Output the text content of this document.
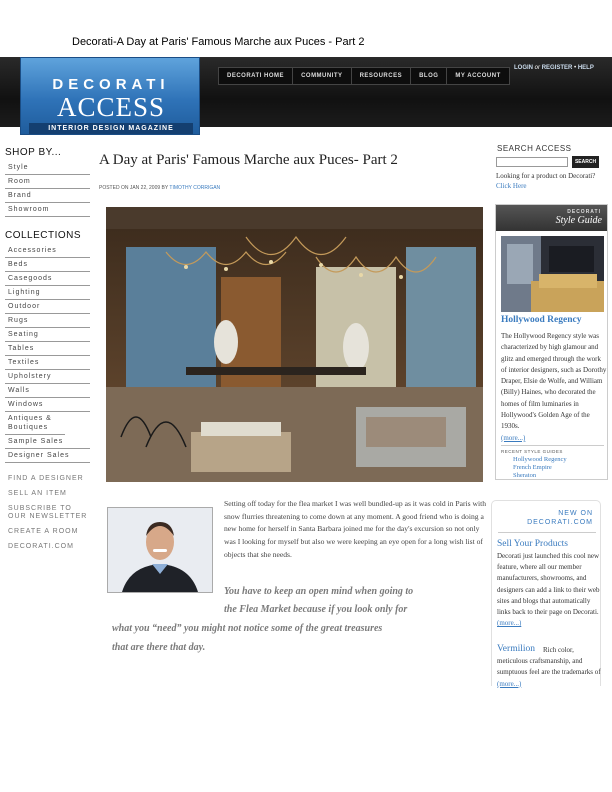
Decorati-A Day at Paris' Famous Marche aux Puces - Part 2
DECORATI
ACCESS
INTERIOR DESIGN MAGAZINE
DECORATI HOME	COMMUNITY	RESOURCES	BLOG	MY ACCOUNT
LOGIN or REGISTER • HELP
SHOP BY...
Style
Room
Brand
Showroom
COLLECTIONS
Accessories
Beds
Casegoods
Lighting
Outdoor
Rugs
Seating
Tables
Textiles
Upholstery
Walls
Windows
Antiques & Boutiques
Sample Sales
Designer Sales
FIND A DESIGNER
SELL AN ITEM
SUBSCRIBE TO OUR NEWSLETTER
CREATE A ROOM
DECORATI.COM
A Day at Paris' Famous Marche aux Puces- Part 2
POSTED ON JAN 22, 2009 BY TIMOTHY CORRIGAN
Setting off today for the flea market I was well bundled-up as it was cold in Paris with snow flurries threatening to come down at any moment. A good friend who is doing a new home for herself in Santa Barbara joined me for the day's excursion so not only was I looking for myself but also we were keeping an eye open for a long wish list of objects that she needs.
You have to keep an open mind when going to
the Flea Market because if you look only for
what you “need” you might not notice some of the great treasures
that are there that day.
SEARCH ACCESS
SEARCH
Looking for a product on Decorati?
Click Here
DECORATI
Style Guide
Hollywood Regency
The Hollywood Regency style was characterized by high glamour and glitz and emerged through the work of interior designers, such as Dorothy Draper, Elsie de Wolfe, and William (Billy) Haines, who decorated the homes of film luminaries in Hollywood's Golden Age of the 1930s.
(more...)
RECENT STYLE GUIDES
Hollywood Regency
French Empire
Sheraton
NEW ON
DECORATI.COM
Sell Your Products
Decorati just launched this cool new feature, where all our member manufacturers, showrooms, and designers can add a link to their web sites and blogs that automatically links back to their page on Decorati. (more...)
Vermilion	Rich color, meticulous craftsmanship, and sumptuous feel are the trademarks of (more...)
